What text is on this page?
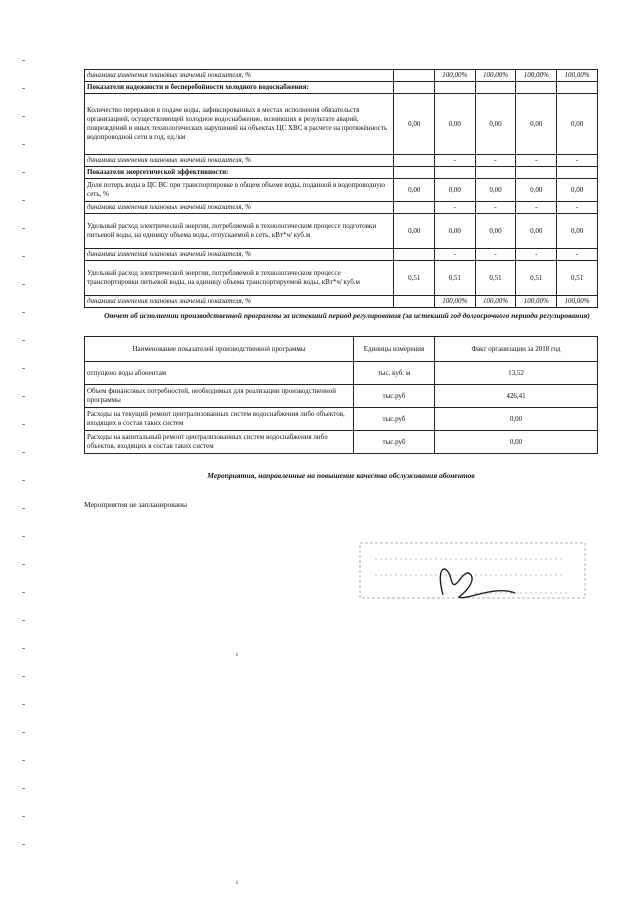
динамика изменения плановых значений показателя, %		100,00%	100,00%	100,00%	100,00%
Показатели надежности и бесперебойности холодного водоснабжения:					
Количество перерывов в подаче воды, зафиксированных в местах исполнения обязательств организацией, осуществляющей холодное водоснабжение, возникших в результате аварий, повреждений и иных технологических нарушений на объектах ЦС ХВС в расчете на протяжённость водопроводной сети в год, ед./км	0,00	0,00	0,00	0,00	0,00
динамика изменения плановых значений показателя, %		-	-	-	-
Показатели энергетической эффективности:					
Доля потерь воды в ЦС ВС при транспортировке в общем объеме воды, поданной в водопроводную сеть, %	0,00	0,00	0,00	0,00	0,00
динамика изменения плановых значений показателя, %		-	-	-	-
Удельный расход электрической энергии, потребляемой в технологическом процессе подготовки питьевой воды, на единицу объема воды, отпускаемой в сеть, кВт*ч/ куб.м	0,00	0,00	0,00	0,00	0,00
динамика изменения плановых значений показателя, %		-	-	-	-
Удельный расход электрической энергии, потребляемой в технологическом процессе транспортировки питьевой воды, на единицу объема транспортируемой воды, кВт*ч/ куб.м	0,51	0,51	0,51	0,51	0,51
динамика изменения плановых значений показателя, %		100,00%	100,00%	100,00%	100,00%
Отчет об исполнении производственной программы за истекший период регулирования (за истекший год долгосрочного периода регулирования)
Наименование показателей производственной программы	Единицы измерения	Факт организации за 2018 год
отпущено воды абонентам	тыс. куб. м	13,52
Объем финансовых потребностей, необходимых для реализации производственной программы	тыс.руб	426,41
Расходы на текущий ремонт централизованных систем водоснабжения либо объектов, входящих в состав таких систем	тыс.руб	0,00
Расходы на капитальный ремонт централизованных систем водоснабжения либо объектов, входящих в состав таких систем	тыс.руб	0,00
Мероприятия, направленные на повышение качества обслуживания абонентов
Мероприятия не запланированы
ı
ı
